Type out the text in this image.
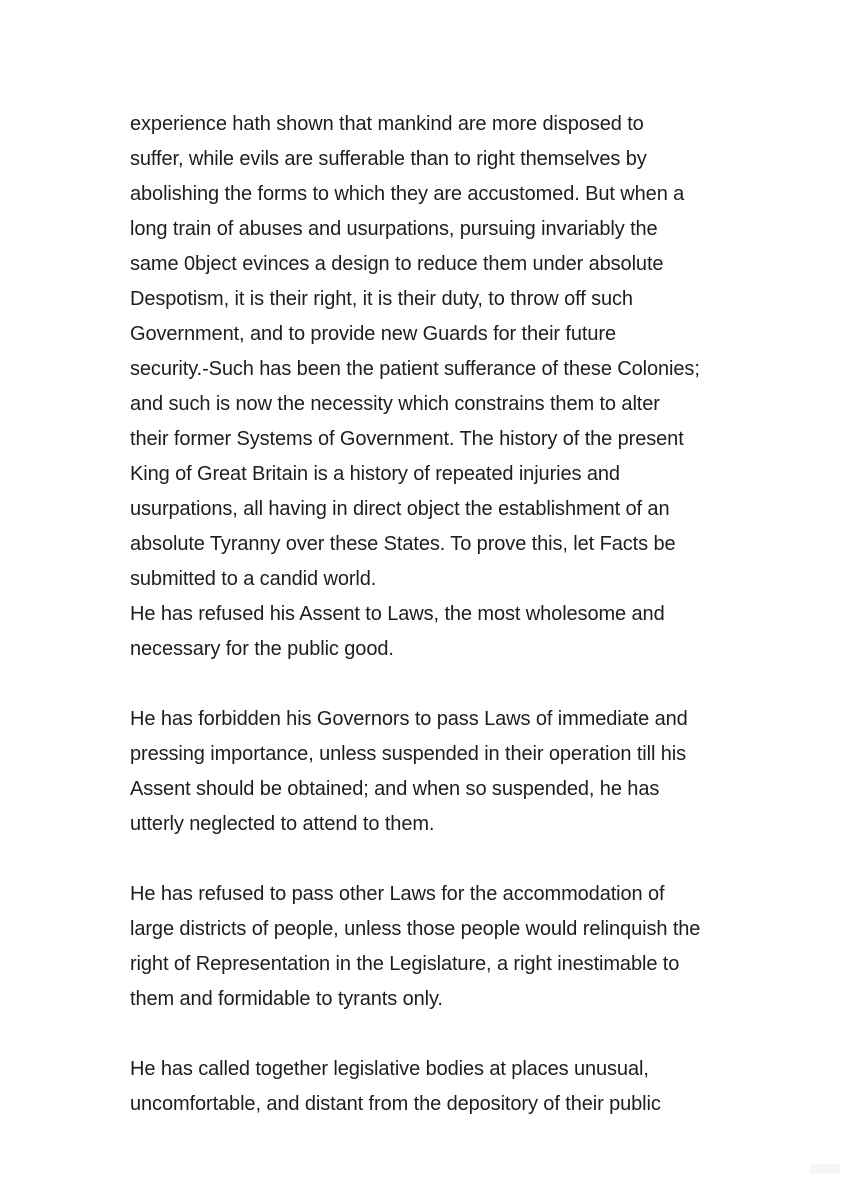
experience hath shown that mankind are more disposed to
suffer, while evils are sufferable than to right themselves by
abolishing the forms to which they are accustomed. But when a
long train of abuses and usurpations, pursuing invariably the
same 0bject evinces a design to reduce them under absolute
Despotism, it is their right, it is their duty, to throw off such
Government, and to provide new Guards for their future
security.-Such has been the patient sufferance of these Colonies;
and such is now the necessity which constrains them to alter
their former Systems of Government. The history of the present
King of Great Britain is a history of repeated injuries and
usurpations, all having in direct object the establishment of an
absolute Tyranny over these States. To prove this, let Facts be
submitted to a candid world.
He has refused his Assent to Laws, the most wholesome and
necessary for the public good.
He has forbidden his Governors to pass Laws of immediate and
pressing importance, unless suspended in their operation till his
Assent should be obtained; and when so suspended, he has
utterly neglected to attend to them.
He has refused to pass other Laws for the accommodation of
large districts of people, unless those people would relinquish the
right of Representation in the Legislature, a right inestimable to
them and formidable to tyrants only.
He has called together legislative bodies at places unusual,
uncomfortable, and distant from the depository of their public
